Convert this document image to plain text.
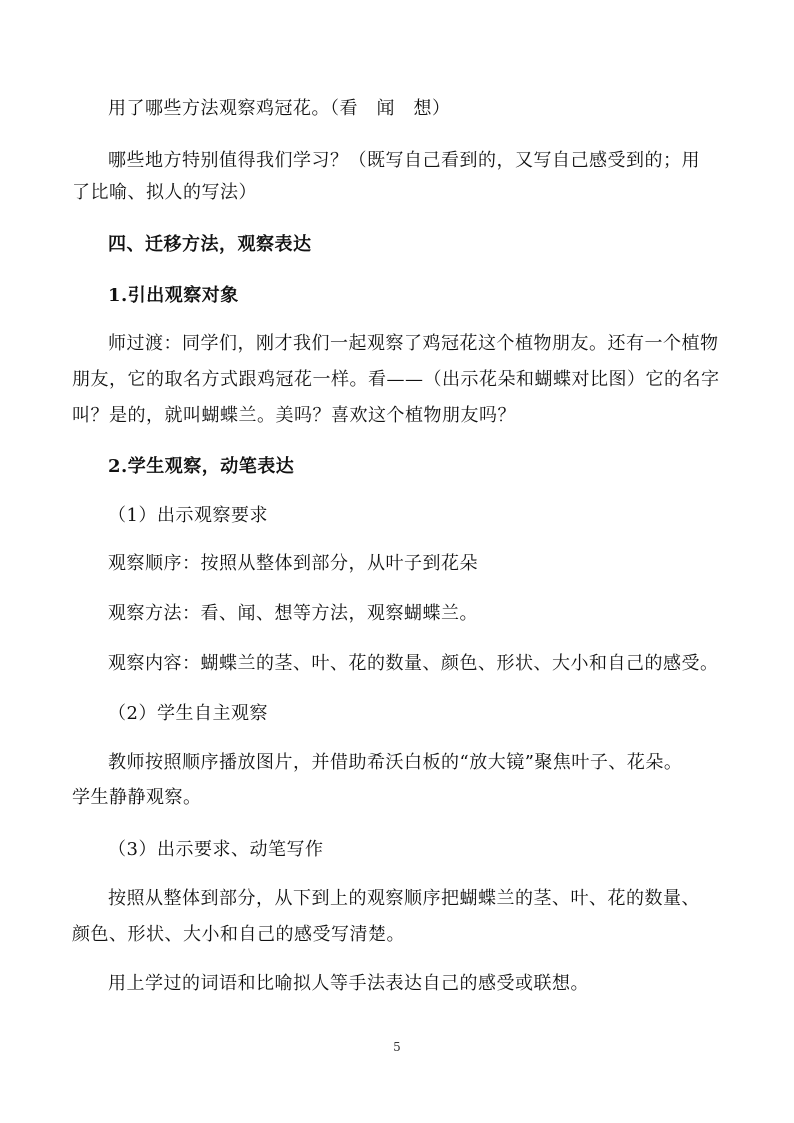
用了哪些方法观察鸡冠花。（看　闻　想）
哪些地方特别值得我们学习？（既写自己看到的，又写自己感受到的；用
了比喻、拟人的写法）
四、迁移方法，观察表达
1.引出观察对象
师过渡：同学们，刚才我们一起观察了鸡冠花这个植物朋友。还有一个植物
朋友，它的取名方式跟鸡冠花一样。看——（出示花朵和蝴蝶对比图）它的名字
叫？是的，就叫蝴蝶兰。美吗？喜欢这个植物朋友吗？
2.学生观察，动笔表达
（1）出示观察要求
观察顺序：按照从整体到部分，从叶子到花朵
观察方法：看、闻、想等方法，观察蝴蝶兰。
观察内容：蝴蝶兰的茎、叶、花的数量、颜色、形状、大小和自己的感受。
（2）学生自主观察
教师按照顺序播放图片，并借助希沃白板的“放大镜”聚焦叶子、花朵。
学生静静观察。
（3）出示要求、动笔写作
按照从整体到部分，从下到上的观察顺序把蝴蝶兰的茎、叶、花的数量、
颜色、形状、大小和自己的感受写清楚。
用上学过的词语和比喻拟人等手法表达自己的感受或联想。
5
